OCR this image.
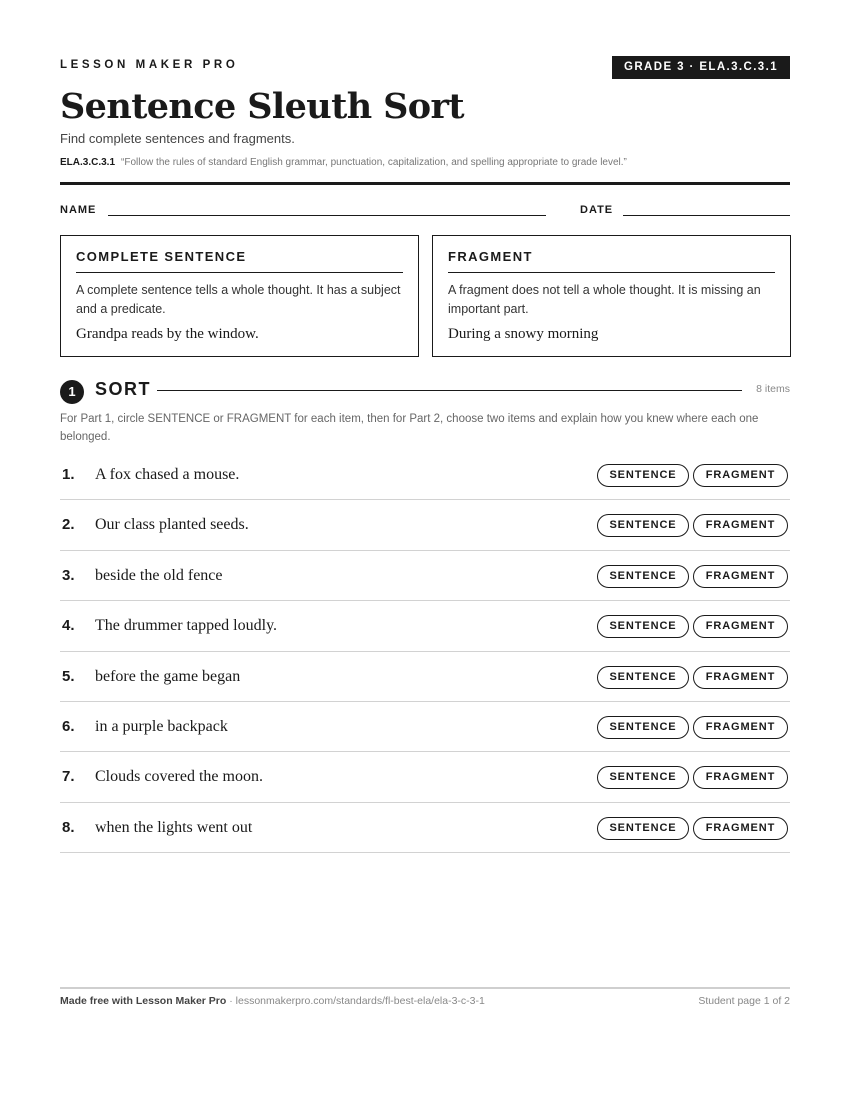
LESSON MAKER PRO	GRADE 3 · ELA.3.C.3.1
Sentence Sleuth Sort
Find complete sentences and fragments.
ELA.3.C.3.1 “Follow the rules of standard English grammar, punctuation, capitalization, and spelling appropriate to grade level.”
NAME	DATE
COMPLETE SENTENCE
A complete sentence tells a whole thought. It has a subject and a predicate.
Grandpa reads by the window.
FRAGMENT
A fragment does not tell a whole thought. It is missing an important part.
During a snowy morning
1	SORT	8 items
For Part 1, circle SENTENCE or FRAGMENT for each item, then for Part 2, choose two items and explain how you knew where each one belonged.
1. A fox chased a mouse.	SENTENCE	FRAGMENT
2. Our class planted seeds.	SENTENCE	FRAGMENT
3. beside the old fence	SENTENCE	FRAGMENT
4. The drummer tapped loudly.	SENTENCE	FRAGMENT
5. before the game began	SENTENCE	FRAGMENT
6. in a purple backpack	SENTENCE	FRAGMENT
7. Clouds covered the moon.	SENTENCE	FRAGMENT
8. when the lights went out	SENTENCE	FRAGMENT
Made free with Lesson Maker Pro · lessonmakerpro.com/standards/fl-best-ela/ela-3-c-3-1	Student page 1 of 2
